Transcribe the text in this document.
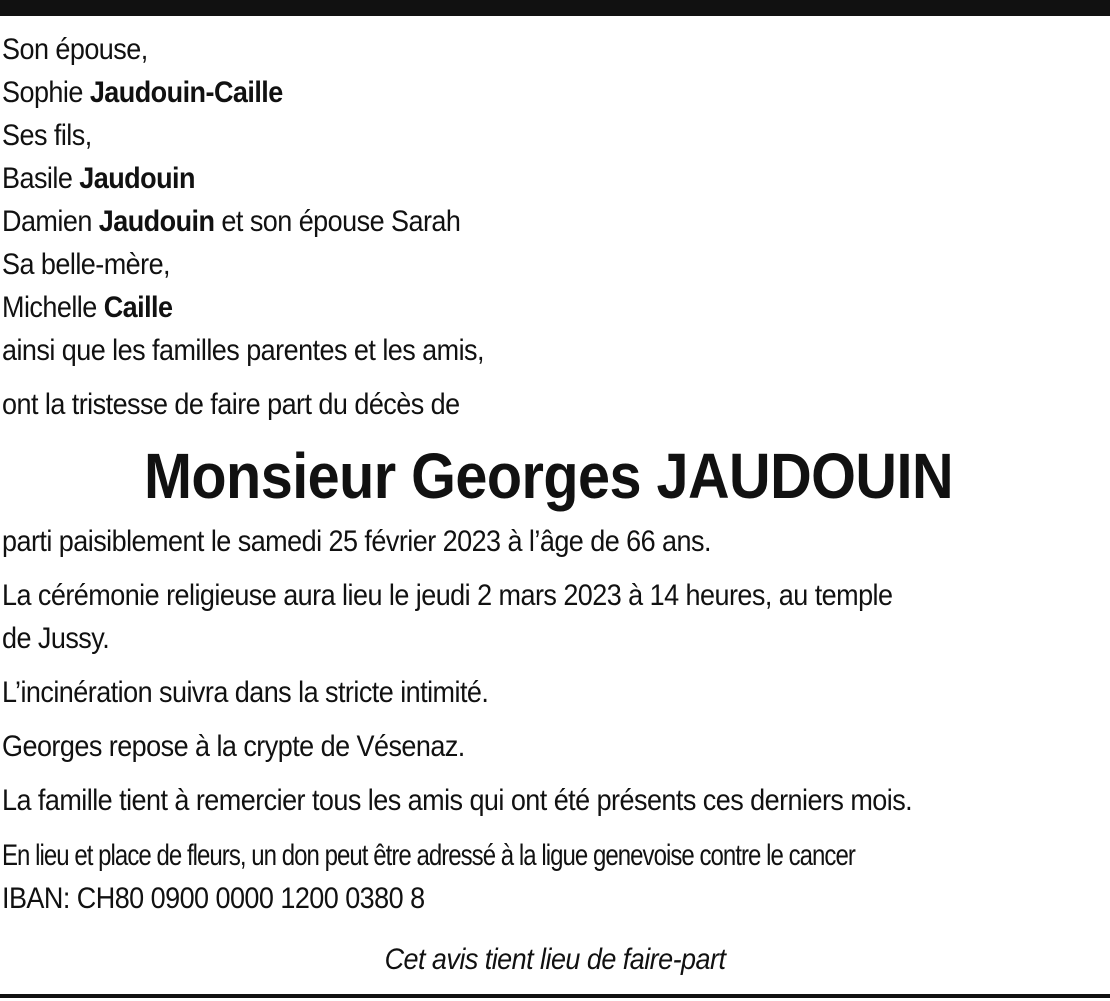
Son épouse,
Sophie Jaudouin-Caille
Ses fils,
Basile Jaudouin
Damien Jaudouin et son épouse Sarah
Sa belle-mère,
Michelle Caille
ainsi que les familles parentes et les amis,
ont la tristesse de faire part du décès de
Monsieur Georges JAUDOUIN
parti paisiblement le samedi 25 février 2023 à l’âge de 66 ans.
La cérémonie religieuse aura lieu le jeudi 2 mars 2023 à 14 heures, au temple
de Jussy.
L’incinération suivra dans la stricte intimité.
Georges repose à la crypte de Vésenaz.
La famille tient à remercier tous les amis qui ont été présents ces derniers mois.
En lieu et place de fleurs, un don peut être adressé à la ligue genevoise contre le cancer
IBAN: CH80 0900 0000 1200 0380 8
Cet avis tient lieu de faire-part
